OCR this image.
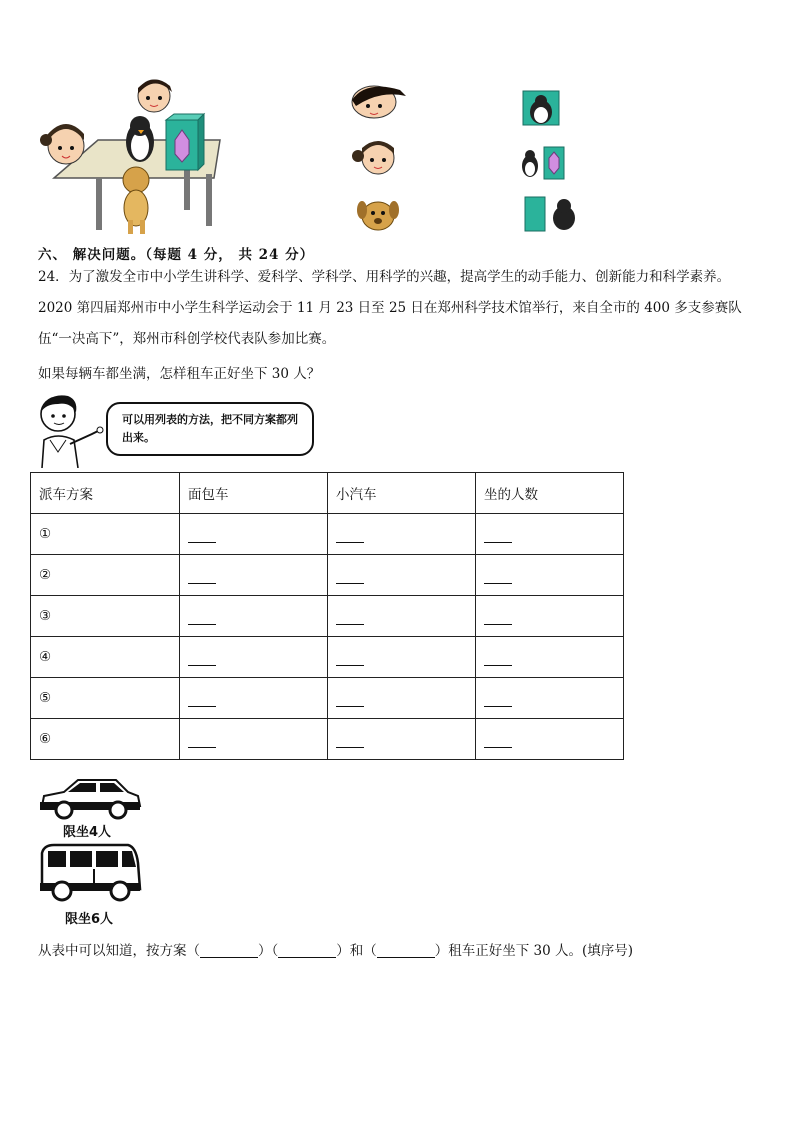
六、 解决问题。（每题 4 分， 共 24 分）
24．为了激发全市中小学生讲科学、爱科学、学科学、用科学的兴趣，提高学生的动手能力、创新能力和科学素养。2020 第四届郑州市中小学生科学运动会于 11 月 23 日至 25 日在郑州科学技术馆举行，来自全市的 400 多支参赛队伍“一决高下”，郑州市科创学校代表队参加比赛。
如果每辆车都坐满，怎样租车正好坐下 30 人？
可以用列表的方法，把不同方案都列出来。
派车方案	面包车	小汽车	坐的人数
①			
②			
③			
④			
⑤			
⑥			
限坐4人
限坐6人
从表中可以知道，按方案（	）（	）和（	）租车正好坐下 30 人。(填序号)
